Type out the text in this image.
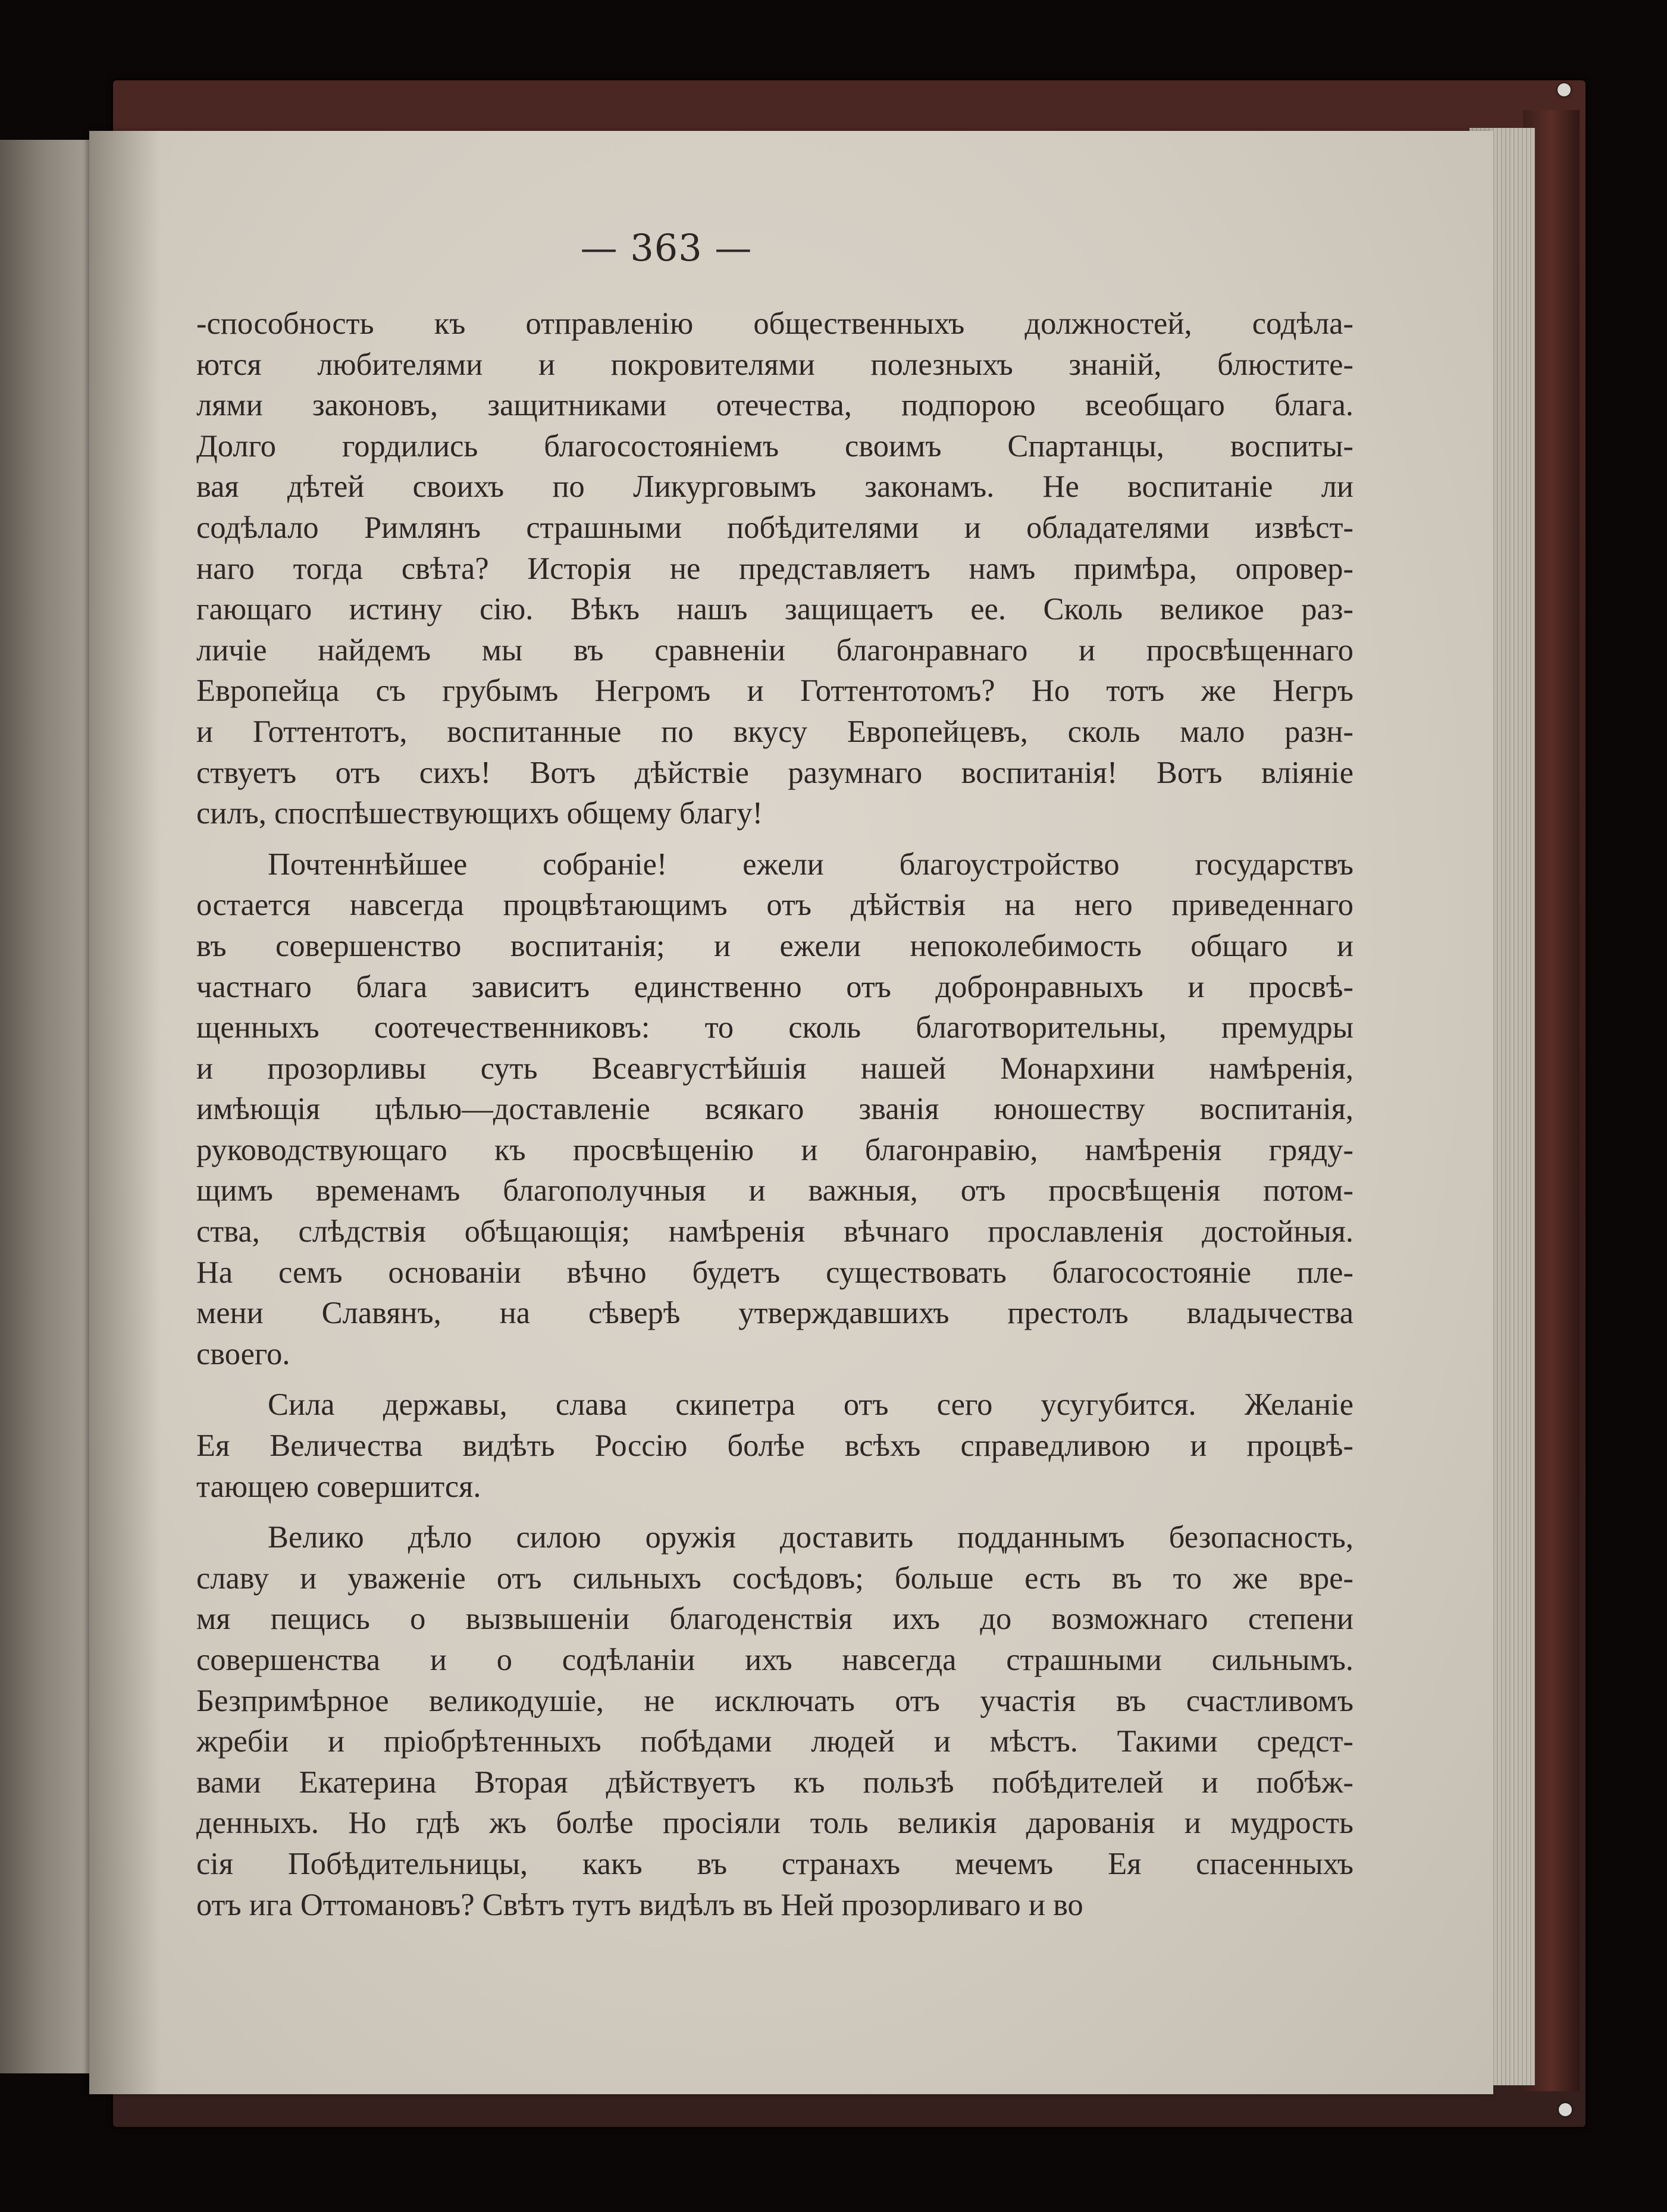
— 363 —

-способность къ отправленію общественныхъ должностей, содѣла-
ются любителями и покровителями полезныхъ знаній, блюстите-
лями законовъ, защитниками отечества, подпорою всеобщаго блага.
Долго гордились благосостояніемъ своимъ Спартанцы, воспиты-
вая дѣтей своихъ по Ликурговымъ законамъ. Не воспитаніе ли
содѣлало Римлянъ страшными побѣдителями и обладателями извѣст-
наго тогда свѣта? Исторія не представляетъ намъ примѣра, опровер-
гающаго истину сію. Вѣкъ нашъ защищаетъ ее. Сколь великое раз-
личіе найдемъ мы въ сравненіи благонравнаго и просвѣщеннаго
Европейца съ грубымъ Негромъ и Готтентотомъ? Но тотъ же Негръ
и Готтентотъ, воспитанные по вкусу Европейцевъ, сколь мало разн-
ствуетъ отъ сихъ! Вотъ дѣйствіе разумнаго воспитанія! Вотъ вліяніе
силъ, споспѣшествующихъ общему благу!

Почтеннѣйшее собраніе! ежели благоустройство государствъ
остается навсегда процвѣтающимъ отъ дѣйствія на него приведеннаго
въ совершенство воспитанія; и ежели непоколебимость общаго и
частнаго блага зависитъ единственно отъ добронравныхъ и просвѣ-
щенныхъ соотечественниковъ: то сколь благотворительны, премудры
и прозорливы суть Всеавгустѣйшія нашей Монархини намѣренія,
имѣющія цѣлью—доставленіе всякаго званія юношеству воспитанія,
руководствующаго къ просвѣщенію и благонравію, намѣренія гряду-
щимъ временамъ благополучныя и важныя, отъ просвѣщенія потом-
ства, слѣдствія обѣщающія; намѣренія вѣчнаго прославленія достойныя.
На семъ основаніи вѣчно будетъ существовать благосостояніе пле-
мени Славянъ, на сѣверѣ утверждавшихъ престолъ владычества
своего.

Сила державы, слава скипетра отъ сего усугубится. Желаніе
Ея Величества видѣть Россію болѣе всѣхъ справедливою и процвѣ-
тающею совершится.

Велико дѣло силою оружія доставить подданнымъ безопасность,
славу и уваженіе отъ сильныхъ сосѣдовъ; больше есть въ то же вре-
мя пещись о вызвышеніи благоденствія ихъ до возможнаго степени
совершенства и о содѣланіи ихъ навсегда страшными сильнымъ.
Безпримѣрное великодушіе, не исключать отъ участія въ счастливомъ
жребіи и пріобрѣтенныхъ побѣдами людей и мѣстъ. Такими средст-
вами Екатерина Вторая дѣйствуетъ къ пользѣ побѣдителей и побѣж-
денныхъ. Но гдѣ жъ болѣе просіяли толь великія дарованія и мудрость
сія Побѣдительницы, какъ въ странахъ мечемъ Ея спасенныхъ
отъ ига Оттомановъ? Свѣтъ тутъ видѣлъ въ Ней прозорливаго и во
